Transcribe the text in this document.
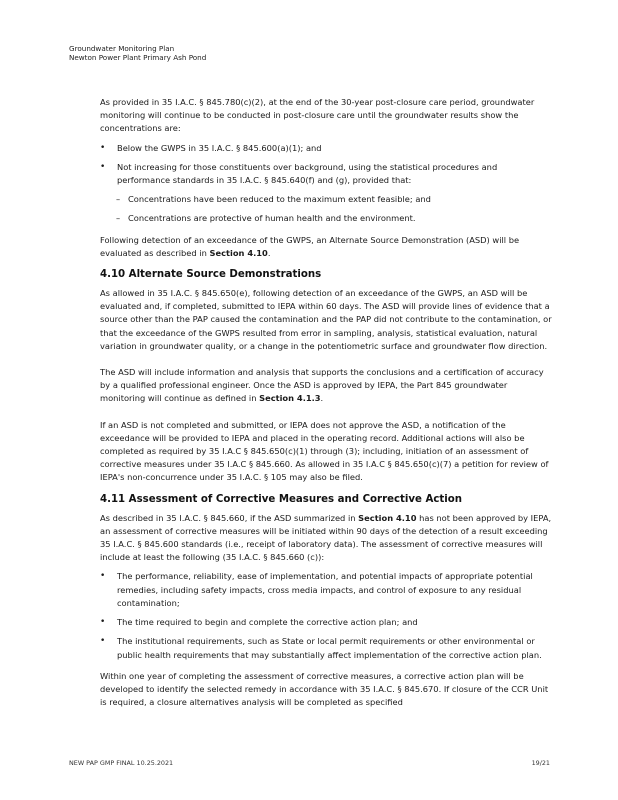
Groundwater Monitoring Plan
Newton Power Plant Primary Ash Pond

As provided in 35 I.A.C. § 845.780(c)(2), at the end of the 30-year post-closure care period, groundwater monitoring will continue to be conducted in post-closure care until the groundwater results show the concentrations are:

• Below the GWPS in 35 I.A.C. § 845.600(a)(1); and
• Not increasing for those constituents over background, using the statistical procedures and performance standards in 35 I.A.C. § 845.640(f) and (g), provided that:
– Concentrations have been reduced to the maximum extent feasible; and
– Concentrations are protective of human health and the environment.

Following detection of an exceedance of the GWPS, an Alternate Source Demonstration (ASD) will be evaluated as described in Section 4.10.

4.10 Alternate Source Demonstrations

As allowed in 35 I.A.C. § 845.650(e), following detection of an exceedance of the GWPS, an ASD will be evaluated and, if completed, submitted to IEPA within 60 days. The ASD will provide lines of evidence that a source other than the PAP caused the contamination and the PAP did not contribute to the contamination, or that the exceedance of the GWPS resulted from error in sampling, analysis, statistical evaluation, natural variation in groundwater quality, or a change in the potentiometric surface and groundwater flow direction.

The ASD will include information and analysis that supports the conclusions and a certification of accuracy by a qualified professional engineer. Once the ASD is approved by IEPA, the Part 845 groundwater monitoring will continue as defined in Section 4.1.3.

If an ASD is not completed and submitted, or IEPA does not approve the ASD, a notification of the exceedance will be provided to IEPA and placed in the operating record. Additional actions will also be completed as required by 35 I.A.C § 845.650(c)(1) through (3); including, initiation of an assessment of corrective measures under 35 I.A.C § 845.660. As allowed in 35 I.A.C § 845.650(c)(7) a petition for review of IEPA's non-concurrence under 35 I.A.C. § 105 may also be filed.

4.11 Assessment of Corrective Measures and Corrective Action

As described in 35 I.A.C. § 845.660, if the ASD summarized in Section 4.10 has not been approved by IEPA, an assessment of corrective measures will be initiated within 90 days of the detection of a result exceeding 35 I.A.C. § 845.600 standards (i.e., receipt of laboratory data). The assessment of corrective measures will include at least the following (35 I.A.C. § 845.660 (c)):

• The performance, reliability, ease of implementation, and potential impacts of appropriate potential remedies, including safety impacts, cross media impacts, and control of exposure to any residual contamination;
• The time required to begin and complete the corrective action plan; and
• The institutional requirements, such as State or local permit requirements or other environmental or public health requirements that may substantially affect implementation of the corrective action plan.

Within one year of completing the assessment of corrective measures, a corrective action plan will be developed to identify the selected remedy in accordance with 35 I.A.C. § 845.670. If closure of the CCR Unit is required, a closure alternatives analysis will be completed as specified

NEW PAP GMP FINAL 10.25.2021	19/21
